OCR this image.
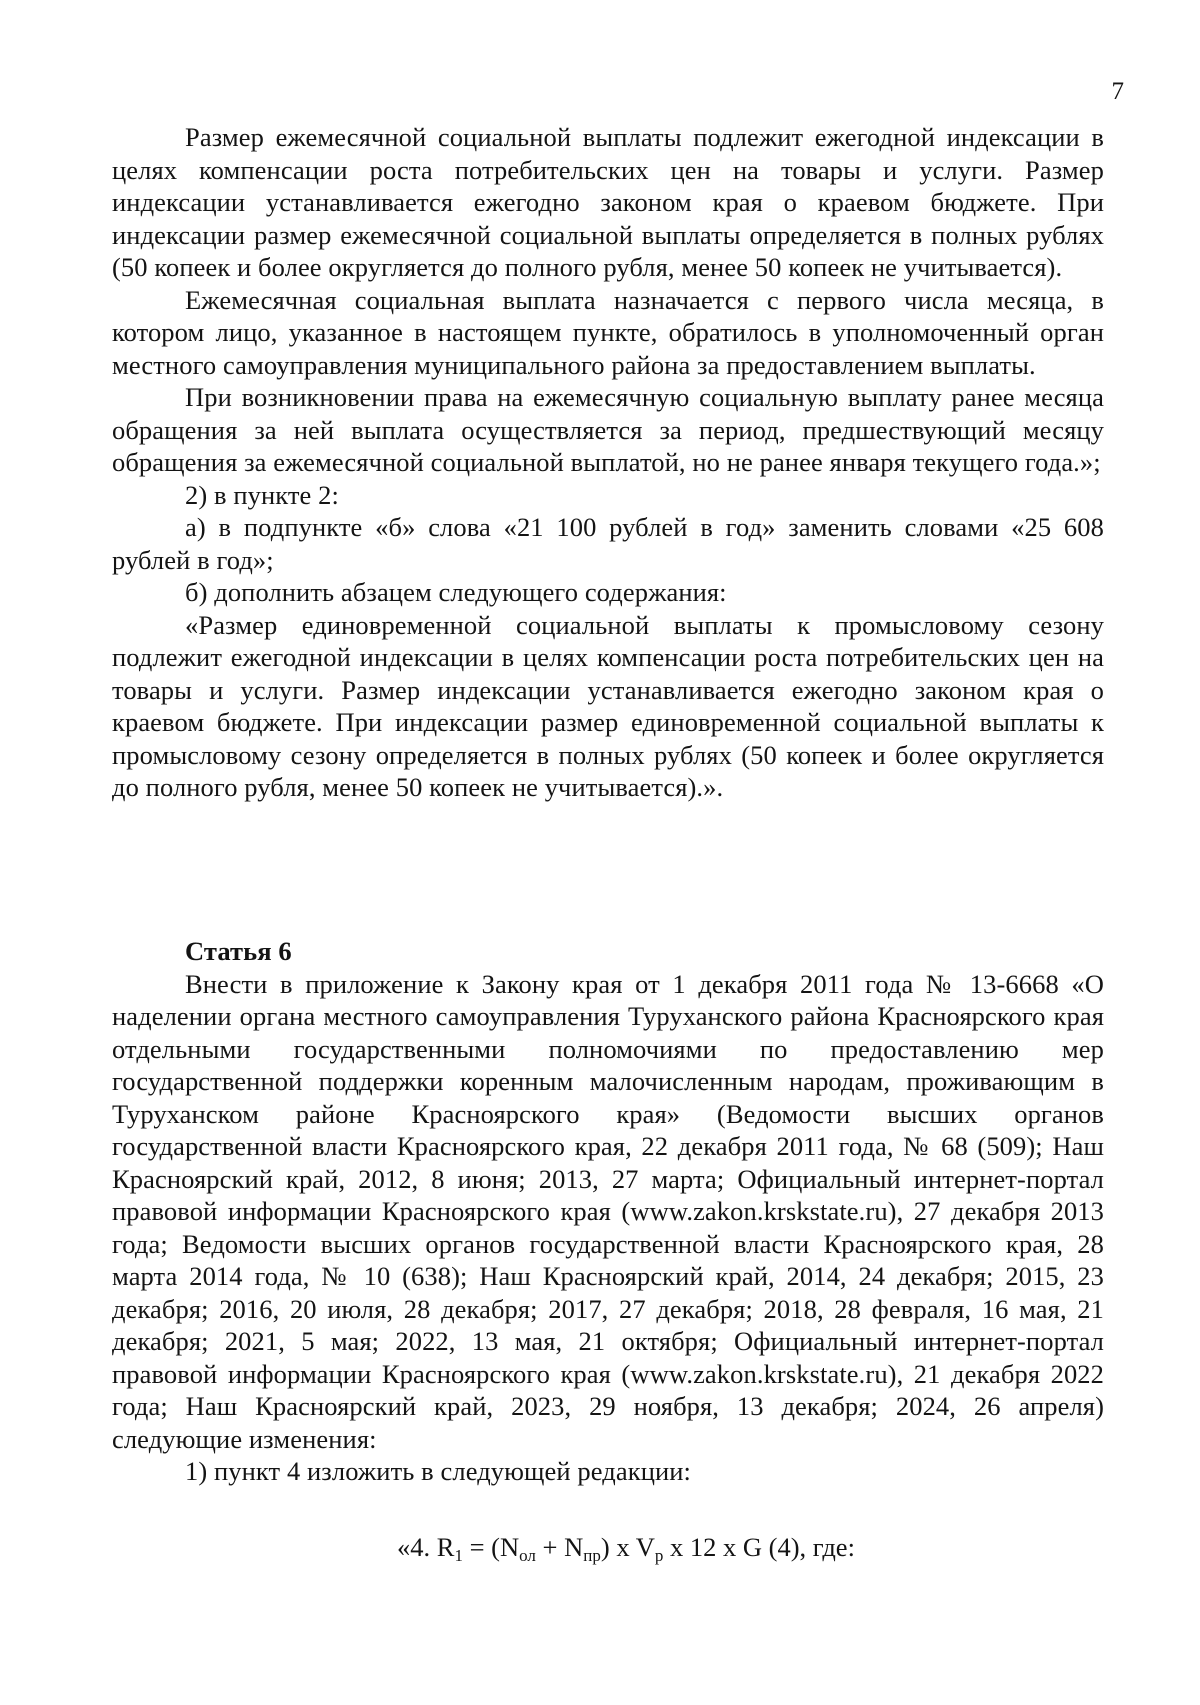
7

Размер ежемесячной социальной выплаты подлежит ежегодной индексации в целях компенсации роста потребительских цен на товары и услуги. Размер индексации устанавливается ежегодно законом края о краевом бюджете. При индексации размер ежемесячной социальной выплаты определяется в полных рублях (50 копеек и более округляется до полного рубля, менее 50 копеек не учитывается).

Ежемесячная социальная выплата назначается с первого числа месяца, в котором лицо, указанное в настоящем пункте, обратилось в уполномоченный орган местного самоуправления муниципального района за предоставлением выплаты.

При возникновении права на ежемесячную социальную выплату ранее месяца обращения за ней выплата осуществляется за период, предшествующий месяцу обращения за ежемесячной социальной выплатой, но не ранее января текущего года.»;

2) в пункте 2:

а) в подпункте «б» слова «21 100 рублей в год» заменить словами «25 608 рублей в год»;

б) дополнить абзацем следующего содержания:

«Размер единовременной социальной выплаты к промысловому сезону подлежит ежегодной индексации в целях компенсации роста потребительских цен на товары и услуги. Размер индексации устанавливается ежегодно законом края о краевом бюджете. При индексации размер единовременной социальной выплаты к промысловому сезону определяется в полных рублях (50 копеек и более округляется до полного рубля, менее 50 копеек не учитывается).».

Статья 6

Внести в приложение к Закону края от 1 декабря 2011 года № 13-6668 «О наделении органа местного самоуправления Туруханского района Красноярского края отдельными государственными полномочиями по предоставлению мер государственной поддержки коренным малочисленным народам, проживающим в Туруханском районе Красноярского края» (Ведомости высших органов государственной власти Красноярского края, 22 декабря 2011 года, № 68 (509); Наш Красноярский край, 2012, 8 июня; 2013, 27 марта; Официальный интернет-портал правовой информации Красноярского края (www.zakon.krskstate.ru), 27 декабря 2013 года; Ведомости высших органов государственной власти Красноярского края, 28 марта 2014 года, № 10 (638); Наш Красноярский край, 2014, 24 декабря; 2015, 23 декабря; 2016, 20 июля, 28 декабря; 2017, 27 декабря; 2018, 28 февраля, 16 мая, 21 декабря; 2021, 5 мая; 2022, 13 мая, 21 октября; Официальный интернет-портал правовой информации Красноярского края (www.zakon.krskstate.ru), 21 декабря 2022 года; Наш Красноярский край, 2023, 29 ноября, 13 декабря; 2024, 26 апреля) следующие изменения:

1) пункт 4 изложить в следующей редакции:

«4. $R_1 = (N_{ол} + N_{пр})$ x $V_р$ x 12 x G (4), где:
